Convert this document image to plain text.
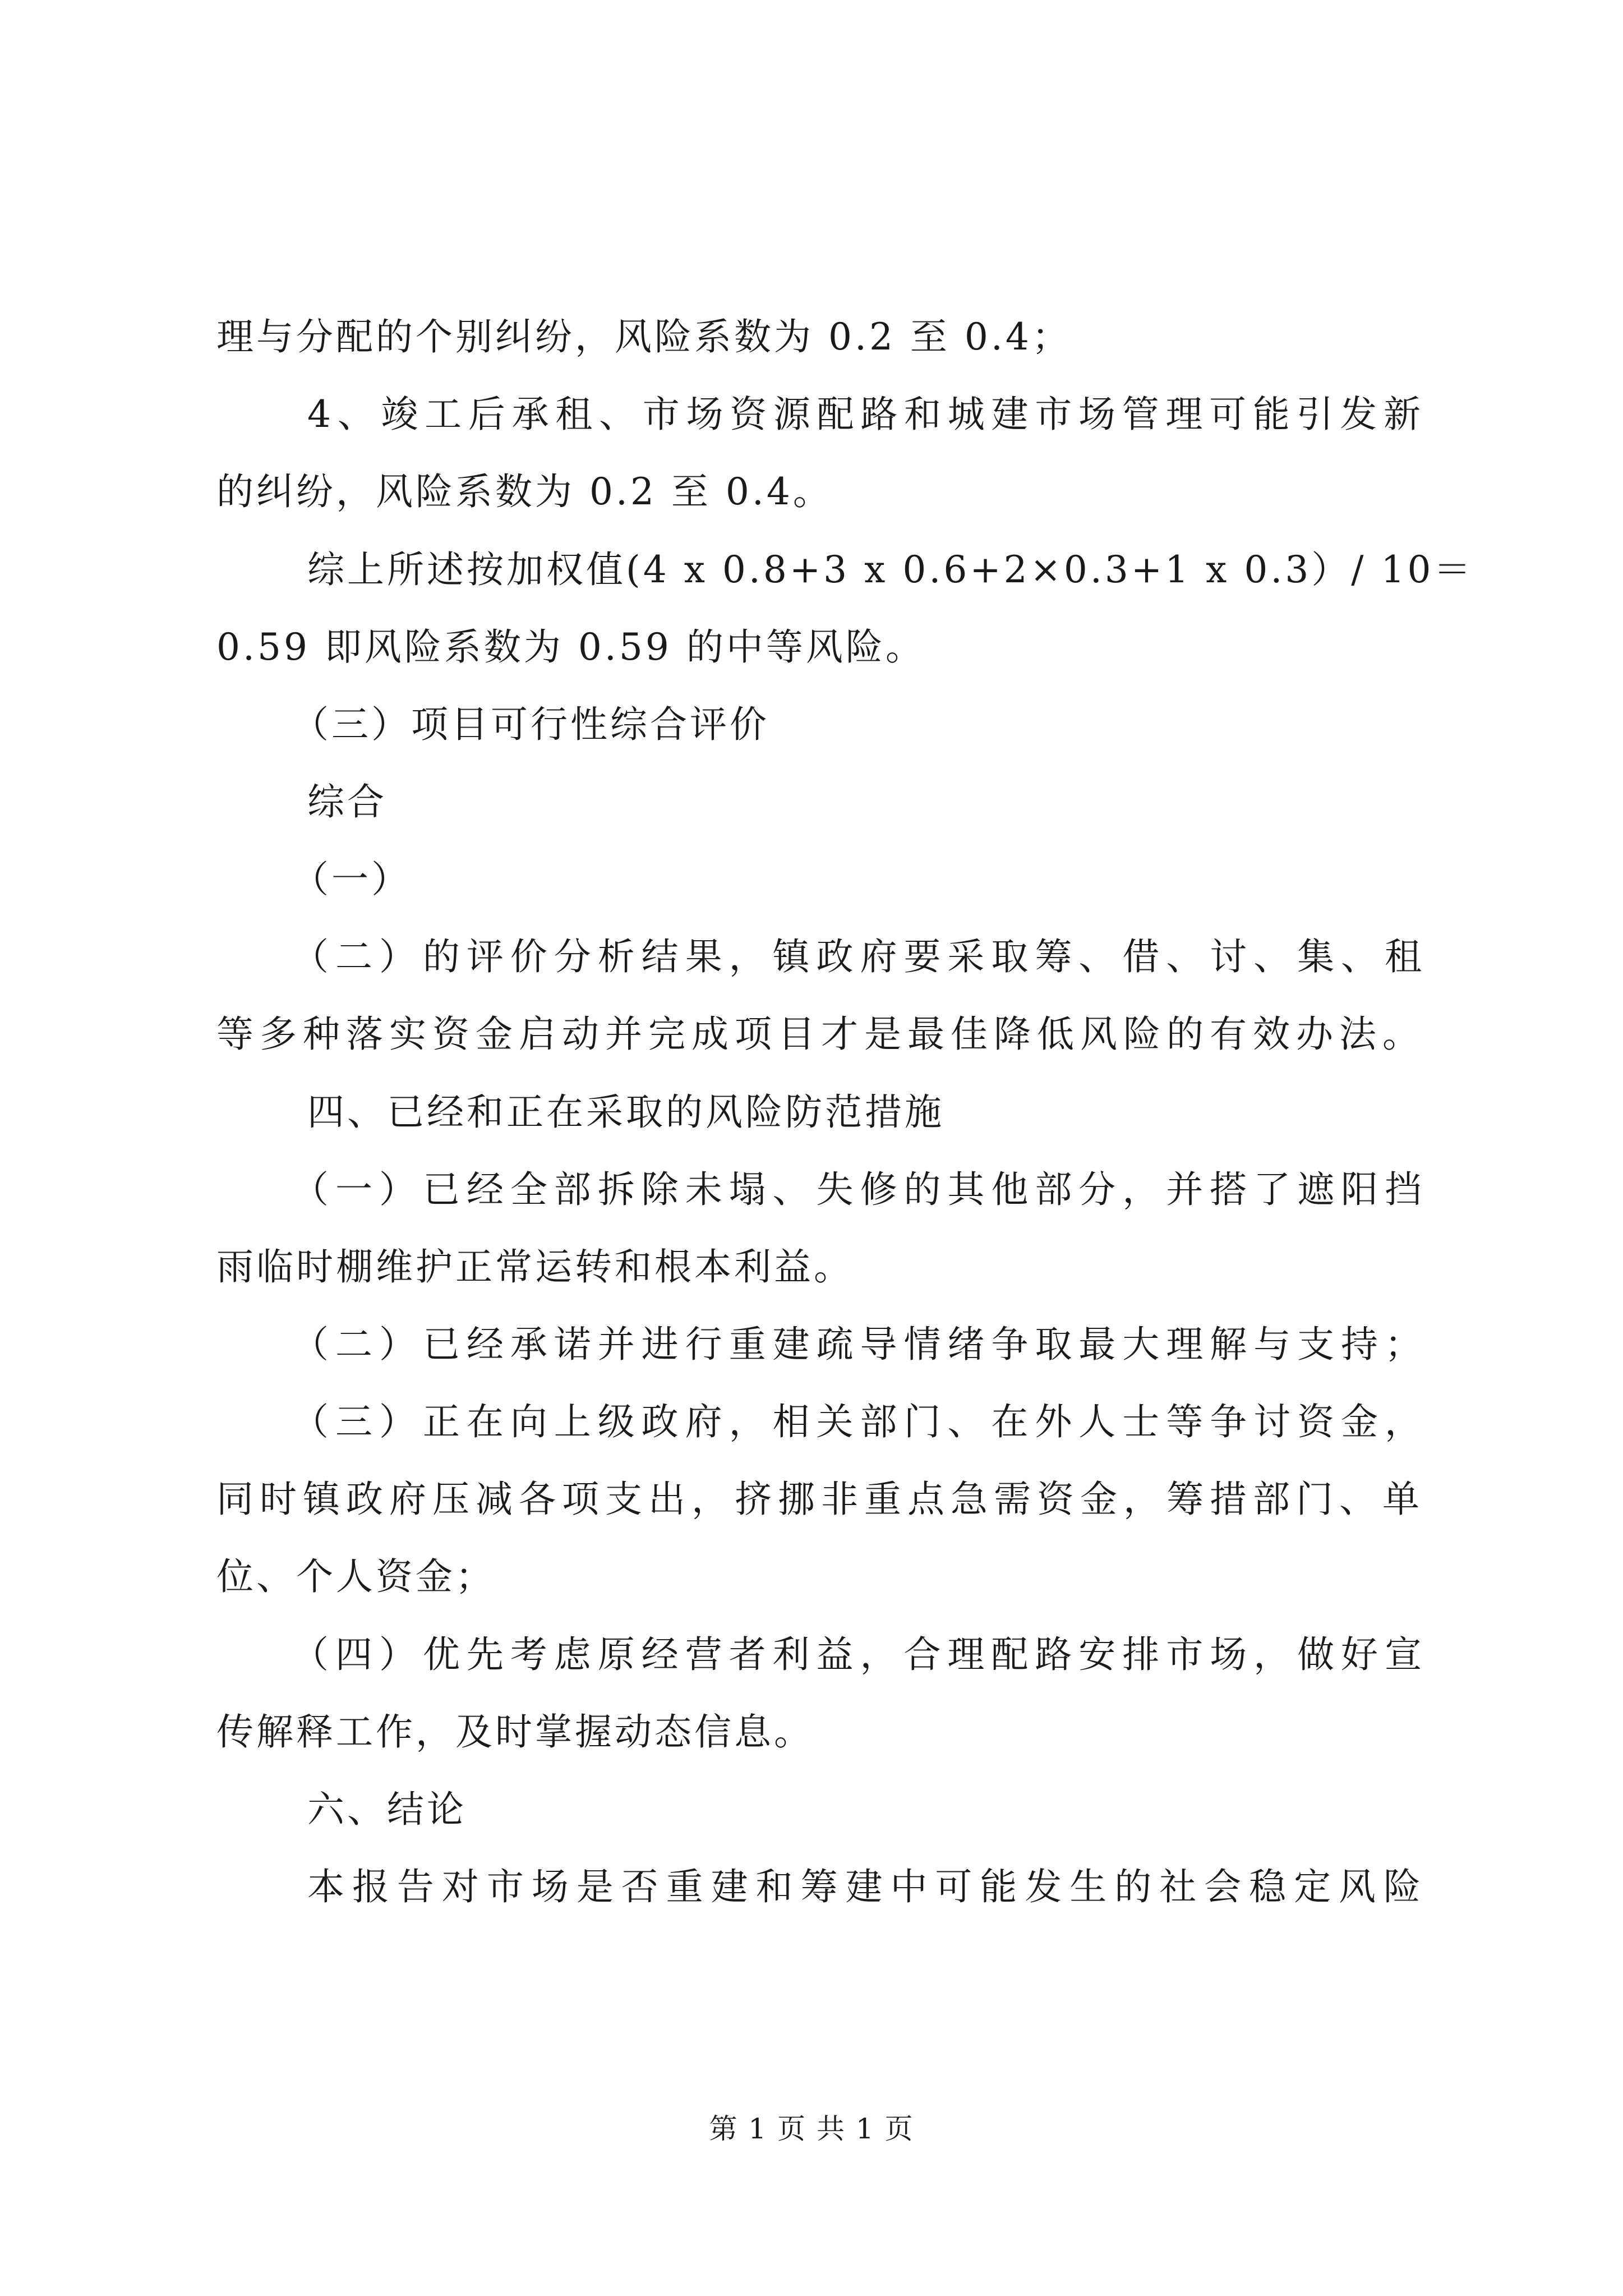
理与分配的个别纠纷，风险系数为 0.2 至 0.4；
4、竣工后承租、市场资源配路和城建市场管理可能引发新
的纠纷，风险系数为 0.2 至 0.4。
综上所述按加权值(4 x 0.8+3 x 0.6+2×0.3+1 x 0.3）/ 10＝
0.59 即风险系数为 0.59 的中等风险。
（三）项目可行性综合评价
综合
（一）
（二）的评价分析结果，镇政府要采取筹、借、讨、集、租
等多种落实资金启动并完成项目才是最佳降低风险的有效办法。
四、已经和正在采取的风险防范措施
（一）已经全部拆除未塌、失修的其他部分，并搭了遮阳挡
雨临时棚维护正常运转和根本利益。
（二）已经承诺并进行重建疏导情绪争取最大理解与支持；
（三）正在向上级政府，相关部门、在外人士等争讨资金，
同时镇政府压减各项支出，挤挪非重点急需资金，筹措部门、单
位、个人资金；
（四）优先考虑原经营者利益，合理配路安排市场，做好宣
传解释工作，及时掌握动态信息。
六、结论
本报告对市场是否重建和筹建中可能发生的社会稳定风险
第 1 页 共 1 页
